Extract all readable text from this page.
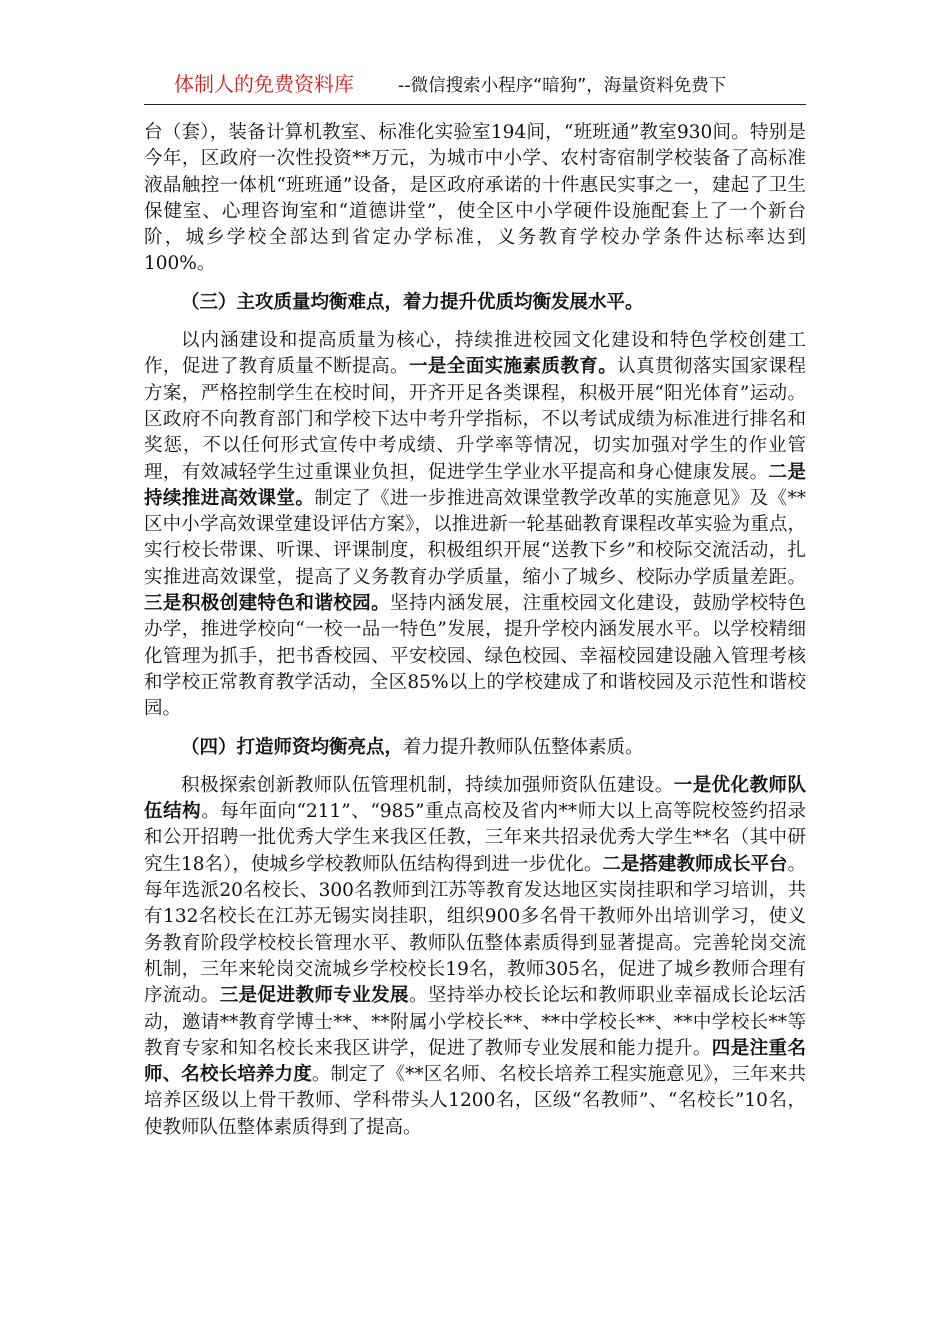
体制人的免费资料库	--微信搜索小程序“暗狗”，海量资料免费下

台（套），装备计算机教室、标准化实验室194间，“班班通”教室930间。特别是今年，区政府一次性投资**万元，为城市中小学、农村寄宿制学校装备了高标准液晶触控一体机“班班通”设备，是区政府承诺的十件惠民实事之一，建起了卫生保健室、心理咨询室和“道德讲堂”，使全区中小学硬件设施配套上了一个新台阶，城乡学校全部达到省定办学标准，义务教育学校办学条件达标率达到100%。

（三）主攻质量均衡难点，着力提升优质均衡发展水平。

以内涵建设和提高质量为核心，持续推进校园文化建设和特色学校创建工作，促进了教育质量不断提高。一是全面实施素质教育。认真贯彻落实国家课程方案，严格控制学生在校时间，开齐开足各类课程，积极开展“阳光体育”运动。区政府不向教育部门和学校下达中考升学指标，不以考试成绩为标准进行排名和奖惩，不以任何形式宣传中考成绩、升学率等情况，切实加强对学生的作业管理，有效减轻学生过重课业负担，促进学生学业水平提高和身心健康发展。二是持续推进高效课堂。制定了《进一步推进高效课堂教学改革的实施意见》及《**区中小学高效课堂建设评估方案》，以推进新一轮基础教育课程改革实验为重点，实行校长带课、听课、评课制度，积极组织开展“送教下乡”和校际交流活动，扎实推进高效课堂，提高了义务教育办学质量，缩小了城乡、校际办学质量差距。三是积极创建特色和谐校园。坚持内涵发展，注重校园文化建设，鼓励学校特色办学，推进学校向“一校一品一特色”发展，提升学校内涵发展水平。以学校精细化管理为抓手，把书香校园、平安校园、绿色校园、幸福校园建设融入管理考核和学校正常教育教学活动，全区85%以上的学校建成了和谐校园及示范性和谐校园。

（四）打造师资均衡亮点，着力提升教师队伍整体素质。

积极探索创新教师队伍管理机制，持续加强师资队伍建设。一是优化教师队伍结构。每年面向“211”、“985”重点高校及省内**师大以上高等院校签约招录和公开招聘一批优秀大学生来我区任教，三年来共招录优秀大学生**名（其中研究生18名），使城乡学校教师队伍结构得到进一步优化。二是搭建教师成长平台。每年选派20名校长、300名教师到江苏等教育发达地区实岗挂职和学习培训，共有132名校长在江苏无锡实岗挂职，组织900多名骨干教师外出培训学习，使义务教育阶段学校校长管理水平、教师队伍整体素质得到显著提高。完善轮岗交流机制，三年来轮岗交流城乡学校校长19名，教师305名，促进了城乡教师合理有序流动。三是促进教师专业发展。坚持举办校长论坛和教师职业幸福成长论坛活动，邀请**教育学博士**、**附属小学校长**、**中学校长**、**中学校长**等教育专家和知名校长来我区讲学，促进了教师专业发展和能力提升。四是注重名师、名校长培养力度。制定了《**区名师、名校长培养工程实施意见》，三年来共培养区级以上骨干教师、学科带头人1200名，区级“名教师”、“名校长”10名，使教师队伍整体素质得到了提高。
